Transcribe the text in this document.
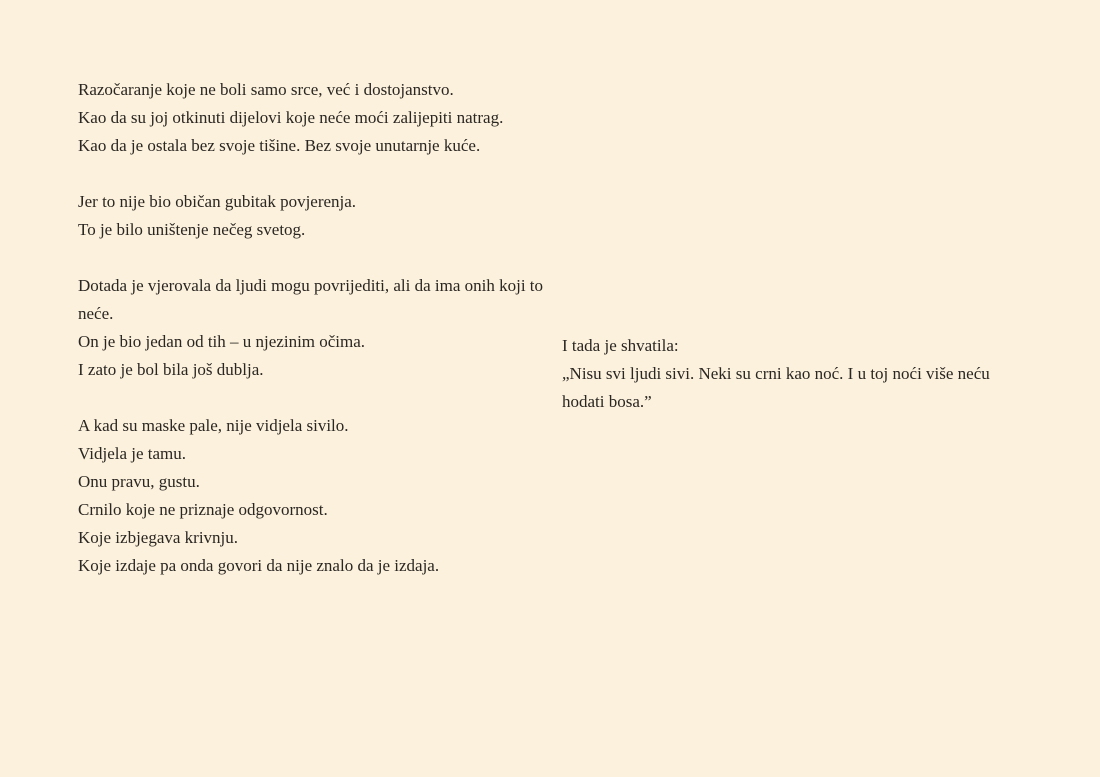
Razočaranje koje ne boli samo srce, već i dostojanstvo.
Kao da su joj otkinuti dijelovi koje neće moći zalijepiti natrag.
Kao da je ostala bez svoje tišine. Bez svoje unutarnje kuće.
Jer to nije bio običan gubitak povjerenja.
To je bilo uništenje nečeg svetog.
Dotada je vjerovala da ljudi mogu povrijediti, ali da ima onih koji to neće.
On je bio jedan od tih – u njezinim očima.
I zato je bol bila još dublja.
A kad su maske pale, nije vidjela sivilo.
Vidjela je tamu.
Onu pravu, gustu.
Crnilo koje ne priznaje odgovornost.
Koje izbjegava krivnju.
Koje izdaje pa onda govori da nije znalo da je izdaja.
I tada je shvatila:
„Nisu svi ljudi sivi. Neki su crni kao noć. I u toj noći više neću hodati bosa.”
